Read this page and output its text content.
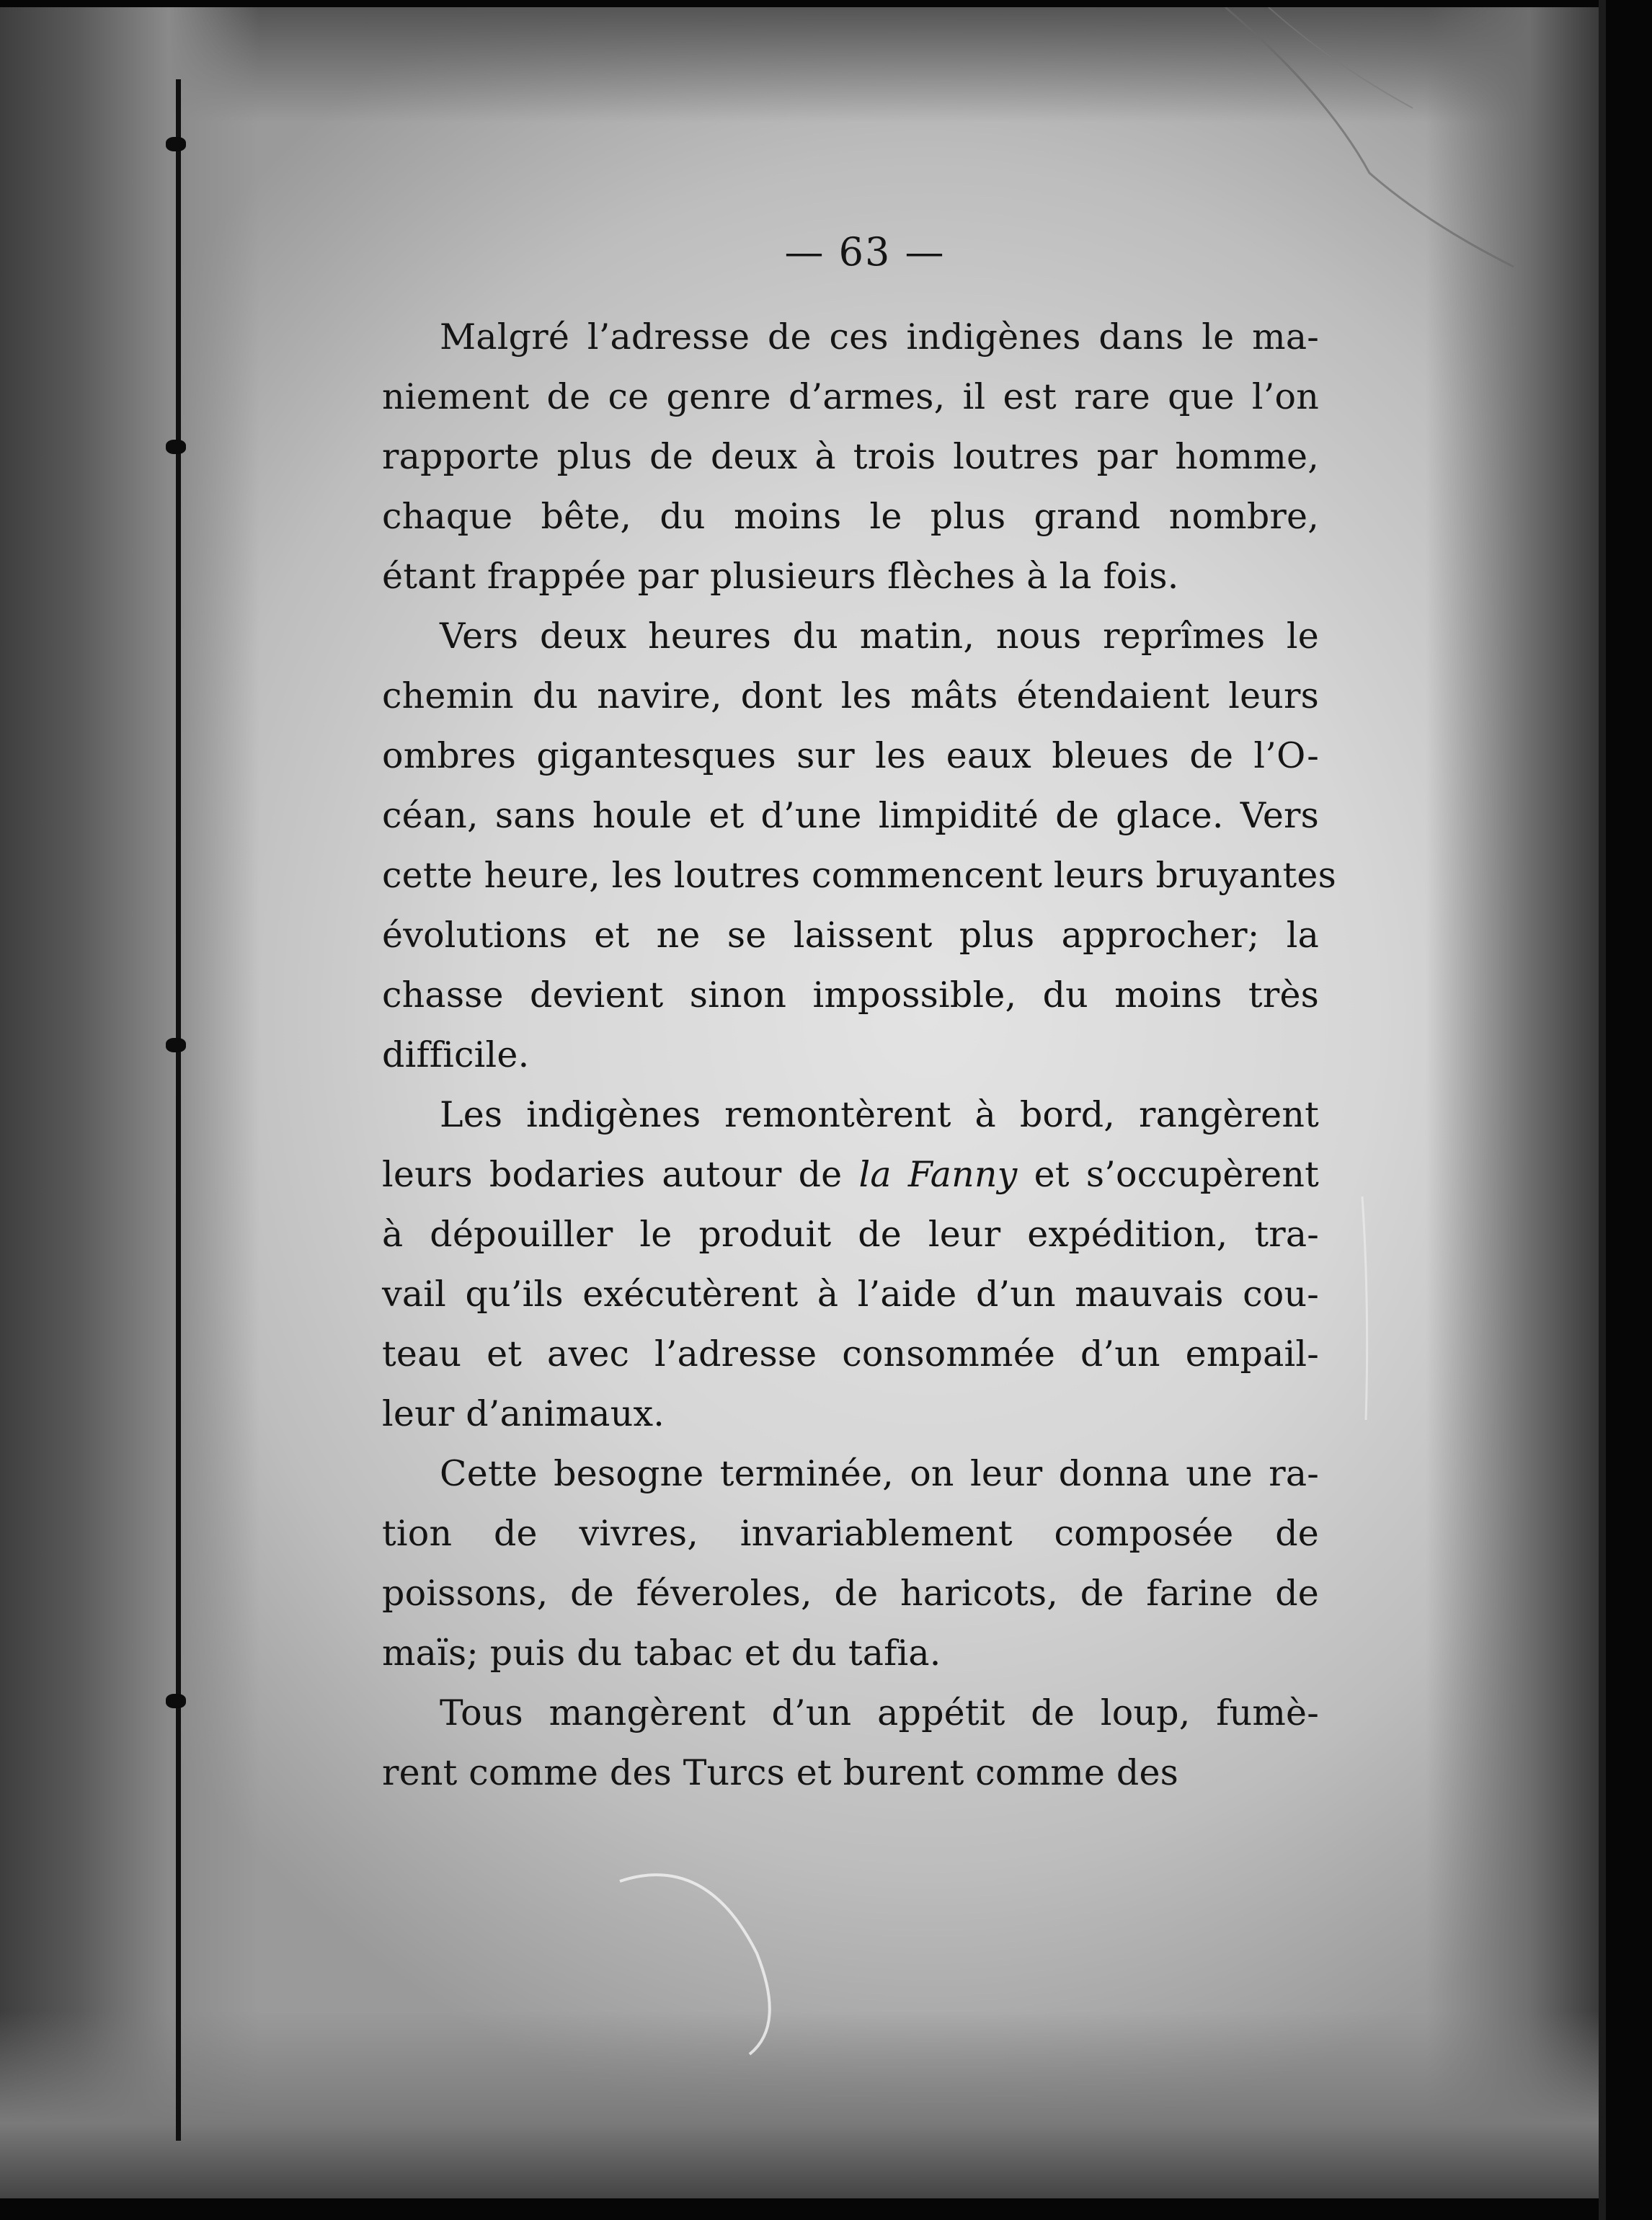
— 63 —
Malgré l’adresse de ces indigènes dans le ma-
niement de ce genre d’armes, il est rare que l’on
rapporte plus de deux à trois loutres par homme,
chaque bête, du moins le plus grand nombre,
étant frappée par plusieurs flèches à la fois.
Vers deux heures du matin, nous reprîmes le
chemin du navire, dont les mâts étendaient leurs
ombres gigantesques sur les eaux bleues de l’O-
céan, sans houle et d’une limpidité de glace. Vers
cette heure, les loutres commencent leurs bruyantes
évolutions et ne se laissent plus approcher; la
chasse devient sinon impossible, du moins très
difficile.
Les indigènes remontèrent à bord, rangèrent
leurs bodaries autour de la Fanny et s’occupèrent
à dépouiller le produit de leur expédition, tra-
vail qu’ils exécutèrent à l’aide d’un mauvais cou-
teau et avec l’adresse consommée d’un empail-
leur d’animaux.
Cette besogne terminée, on leur donna une ra-
tion de vivres, invariablement composée de
poissons, de féveroles, de haricots, de farine de
maïs; puis du tabac et du tafia.
Tous mangèrent d’un appétit de loup, fumè-
rent comme des Turcs et burent comme des
